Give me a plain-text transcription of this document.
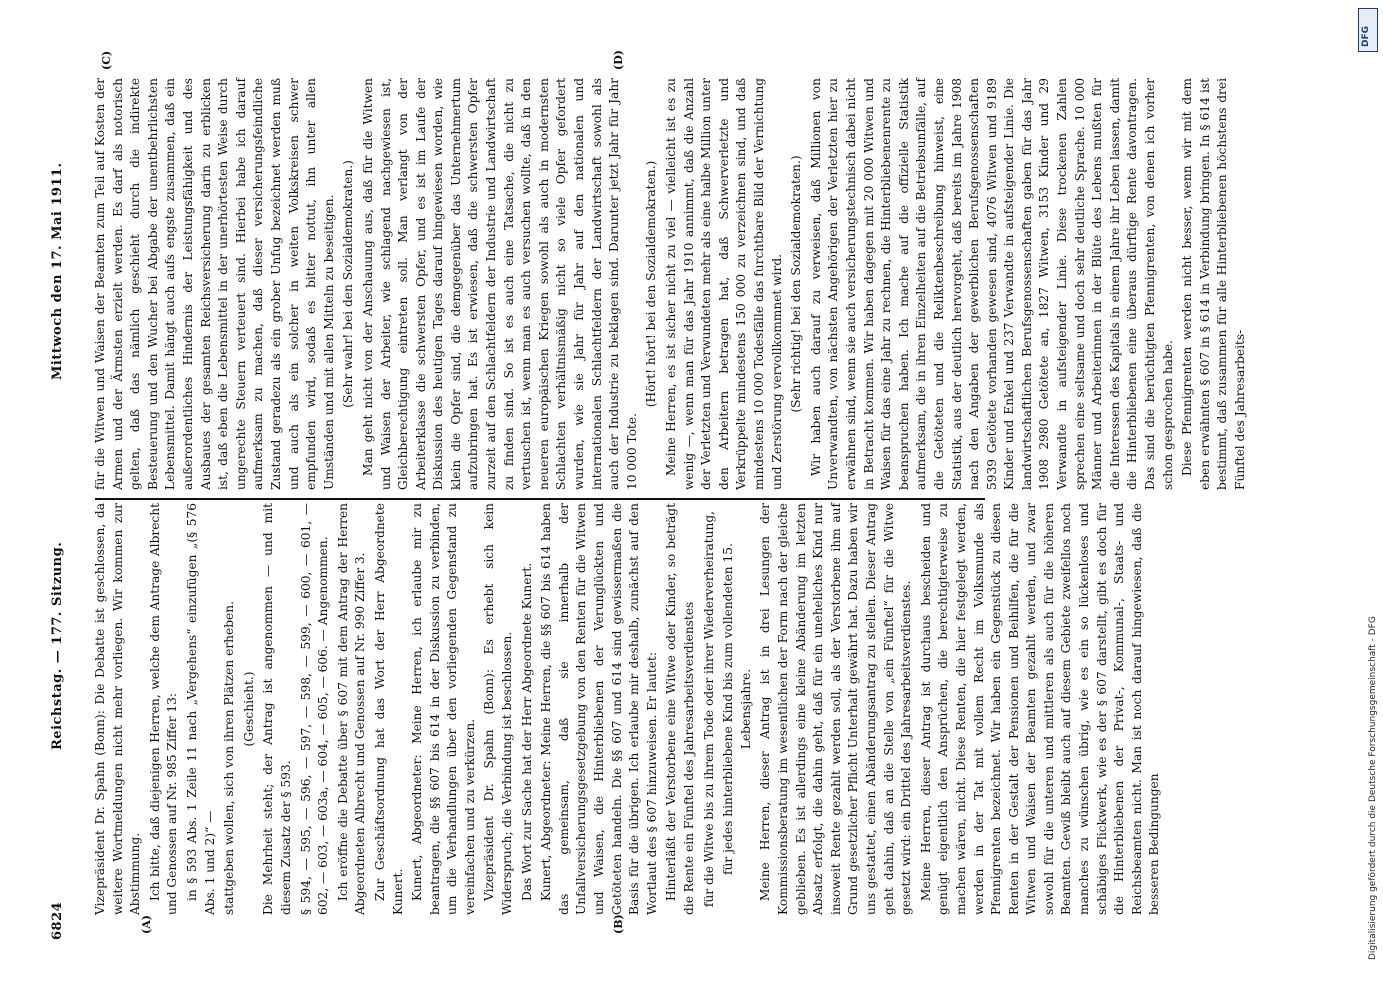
6824
Reichstag. — 177. Sitzung.
Mittwoch den 17. Mai 1911.
(A)	(B)
(C)	(D)

Vizepräsident Dr. Spahn (Bonn): Die Debatte ist geschlossen, da weitere Wortmeldungen nicht mehr vorliegen. Wir kommen zur Abstimmung. Ich bitte, daß diejenigen Herren, welche dem Antrage Albrecht und Genossen auf Nr. 985 Ziffer 13: in § 593 Abs. 1 Zeile 11 nach „Vergehens“ einzufügen „(§ 576 Abs. 1 und 2)“ — stattgeben wollen, sich von ihren Plätzen erheben. (Geschieht.) Die Mehrheit steht; der Antrag ist angenommen — und mit diesem Zusatz der § 593. § 594, — 595, — 596, — 597, — 598, — 599, — 600, — 601, — 602, — 603, — 603a, — 604, — 605, — 606. — Angenommen. Ich eröffne die Debatte über § 607 mit dem Antrag der Herren Abgeordneten Albrecht und Genossen auf Nr. 990 Ziffer 3. Zur Geschäftsordnung hat das Wort der Herr Abgeordnete Kunert. Kunert, Abgeordneter: Meine Herren, ich erlaube mir zu beantragen, die §§ 607 bis 614 in der Diskussion zu verbinden, um die Verhandlungen über den vorliegenden Gegenstand zu vereinfachen und zu verkürzen. Vizepräsident Dr. Spahn (Bonn): Es erhebt sich kein Widerspruch; die Verbindung ist beschlossen. Das Wort zur Sache hat der Herr Abgeordnete Kunert. Kunert, Abgeordneter: Meine Herren, die §§ 607 bis 614 haben das gemeinsam, daß sie innerhalb der Unfallversicherungsgesetzgebung von den Renten für die Witwen und Waisen, die Hinterbliebenen der Verunglückten und Getöteten handeln. Die §§ 607 und 614 sind gewissermaßen die Basis für die übrigen. Ich erlaube mir deshalb, zunächst auf den Wortlaut des § 607 hinzuweisen. Er lautet: Hinterläßt der Verstorbene eine Witwe oder Kinder, so beträgt die Rente ein Fünftel des Jahresarbeitsverdienstes für die Witwe bis zu ihrem Tode oder ihrer Wiederverheiratung, für jedes hinterbliebene Kind bis zum vollendeten 15. Lebensjahre. Meine Herren, dieser Antrag ist in drei Lesungen der Kommissionsberatung im wesentlichen der Form nach der gleiche geblieben. Es ist allerdings eine kleine Abänderung im letzten Absatz erfolgt, die dahin geht, daß für ein uneheliches Kind nur insoweit Rente gezahlt werden soll, als der Verstorbene ihm auf Grund gesetzlicher Pflicht Unterhalt gewährt hat. Dazu haben wir uns gestattet, einen Abänderungsantrag zu stellen. Dieser Antrag geht dahin, daß an die Stelle von „ein Fünftel“ für die Witwe gesetzt wird: ein Drittel des Jahresarbeitsverdienstes. Meine Herren, dieser Antrag ist durchaus bescheiden und genügt eigentlich den Ansprüchen, die berechtigterweise zu machen wären, nicht. Diese Renten, die hier festgelegt werden, werden in der Tat mit vollem Recht im Volksmunde als Pfennigrenten bezeichnet. Wir haben ein Gegenstück zu diesen Renten in der Gestalt der Pensionen und Beihilfen, die für die Witwen und Waisen der Beamten gezahlt werden, und zwar sowohl für die unteren und mittleren als auch für die höheren Beamten. Gewiß bleibt auch auf diesem Gebiete zweifellos noch manches zu wünschen übrig, wie es ein so lückenloses und schäbiges Flickwerk, wie es der § 607 darstellt, gibt es doch für die Hinterbliebenen der Privat-, Kommunal-, Staats- und Reichsbeamten nicht. Man ist noch darauf hingewiesen, daß die besseren Bedingungen

für die Witwen und Waisen der Beamten zum Teil auf Kosten der Armen und der Ärmsten erzielt werden. Es darf als notorisch gelten, daß das nämlich geschieht durch die indirekte Besteuerung und den Wucher bei Abgabe der unentbehrlichsten Lebensmittel. Damit hängt auch aufs engste zusammen, daß ein außerordentliches Hindernis der Leistungsfähigkeit und des Ausbaues der gesamten Reichsversicherung darin zu erblicken ist, daß eben die Lebensmittel in der unerhörtesten Weise durch ungerechte Steuern verteuert sind. Hierbei habe ich darauf aufmerksam zu machen, daß dieser versicherungsfeindliche Zustand geradezu als ein grober Unfug bezeichnet werden muß und auch als ein solcher in weiten Volkskreisen schwer empfunden wird, sodaß es bitter nottut, ihn unter allen Umständen und mit allen Mitteln zu beseitigen. (Sehr wahr! bei den Sozialdemokraten.) Man geht nicht von der Anschauung aus, daß für die Witwen und Waisen der Arbeiter, wie schlagend nachgewiesen ist, Gleichberechtigung eintreten soll. Man verlangt von der Arbeiterklasse die schwersten Opfer, und es ist im Laufe der Diskussion des heutigen Tages darauf hingewiesen worden, wie klein die Opfer sind, die demgegenüber das Unternehmertum aufzubringen hat. Es ist erwiesen, daß die schwersten Opfer zurzeit auf den Schlachtfeldern der Industrie und Landwirtschaft zu finden sind. So ist es auch eine Tatsache, die nicht zu vertuschen ist, wenn man es auch versuchen wollte, daß in den neueren europäischen Kriegen sowohl als auch in modernsten Schlachten verhältnismäßig nicht so viele Opfer gefordert wurden, wie sie Jahr für Jahr auf den nationalen und internationalen Schlachtfeldern der Landwirtschaft sowohl als auch der Industrie zu beklagen sind. Darunter jetzt Jahr für Jahr 10 000 Tote.

(Hört! hört! bei den Sozialdemokraten.) Meine Herren, es ist sicher nicht zu viel — vielleicht ist es zu wenig —, wenn man für das Jahr 1910 annimmt, daß die Anzahl der Verletzten und Verwundeten mehr als eine halbe Million unter den Arbeitern betragen hat, daß Schwerverletzte und Verkrüppelte mindestens 150 000 zu verzeichnen sind, und daß mindestens 10 000 Todesfälle das furchtbare Bild der Vernichtung und Zerstörung vervollkommnet wird. (Sehr richtig! bei den Sozialdemokraten.) Wir haben auch darauf zu verweisen, daß Millionen von Unverwandten, von nächsten Angehörigen der Verletzten hier zu erwähnen sind, wenn sie auch versicherungstechnisch dabei nicht in Betracht kommen. Wir haben dagegen mit 20 000 Witwen und Waisen für das eine Jahr zu rechnen, die Hinterbliebenenrente zu beanspruchen haben. Ich mache auf die offizielle Statistik aufmerksam, die in ihren Einzelheiten auf die Betriebsunfälle, auf die Getöteten und die Reliktenbeschreibung hinweist, eine Statistik, aus der deutlich hervorgeht, daß bereits im Jahre 1908 nach den Angaben der gewerblichen Berufsgenossenschaften 5939 Getötete vorhanden gewesen sind, 4076 Witwen und 9189 Kinder und Enkel und 237 Verwandte in aufsteigender Linie. Die landwirtschaftlichen Berufsgenossenschaften gaben für das Jahr 1908 2980 Getötete an, 1827 Witwen, 3153 Kinder und 29 Verwandte in aufsteigender Linie. Diese trockenen Zahlen sprechen eine seltsame und doch sehr deutliche Sprache. 10 000 Männer und Arbeiterinnen in der Blüte des Lebens mußten für die Interessen des Kapitals in einem Jahre ihr Leben lassen, damit die Hinterbliebenen eine überaus dürftige Rente davontragen. Das sind die berüchtigten Pfennigrenten, von denen ich vorher schon gesprochen habe. Diese Pfennigrenten werden nicht besser, wenn wir mit dem eben erwähnten § 607 in § 614 in Verbindung bringen. In § 614 ist bestimmt, daß zusammen für alle Hinterbliebenen höchstens drei Fünftel des Jahresarbeits-

Digitalisierung gefördert durch die Deutsche Forschungsgemeinschaft - DFG
DFG
